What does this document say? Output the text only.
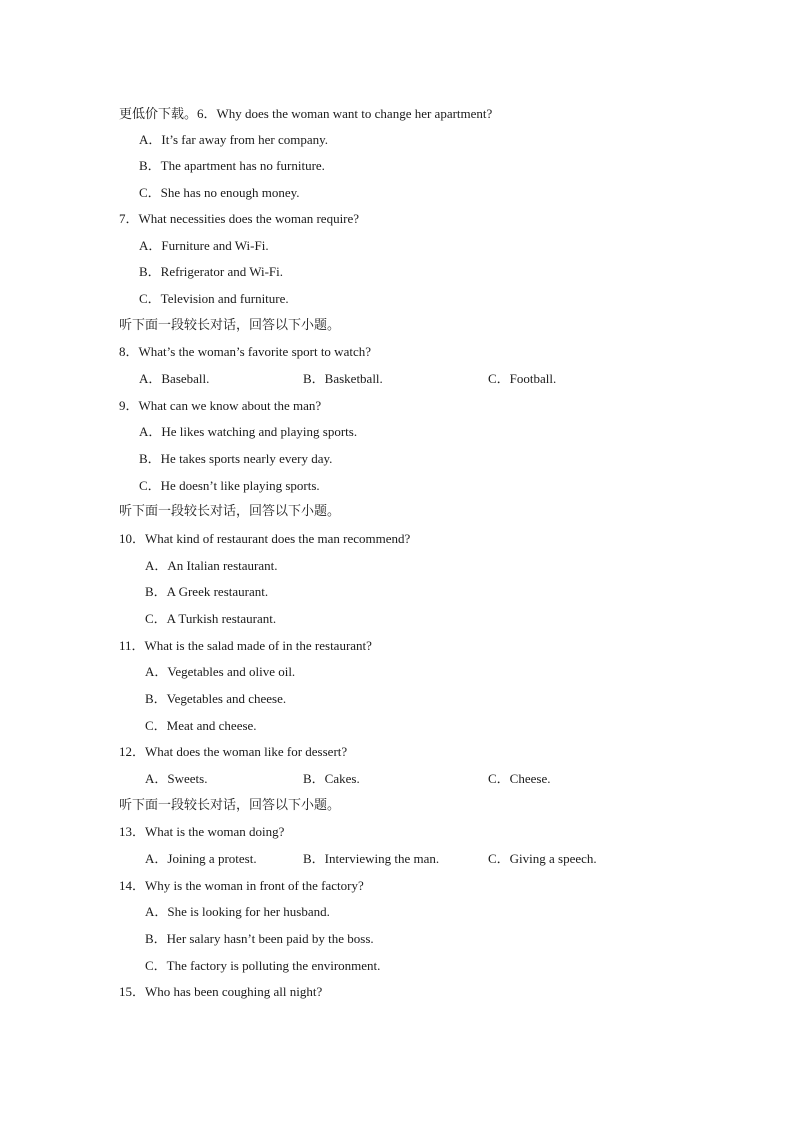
更低价下载。6．Why does the woman want to change her apartment?
A．It’s far away from her company.
B．The apartment has no furniture.
C．She has no enough money.
7．What necessities does the woman require?
A．Furniture and Wi-Fi.
B．Refrigerator and Wi-Fi.
C．Television and furniture.
听下面一段较长对话，回答以下小题。
8．What’s the woman’s favorite sport to watch?
A．Baseball.	B．Basketball.	C．Football.
9．What can we know about the man?
A．He likes watching and playing sports.
B．He takes sports nearly every day.
C．He doesn’t like playing sports.
听下面一段较长对话，回答以下小题。
10．What kind of restaurant does the man recommend?
A．An Italian restaurant.
B．A Greek restaurant.
C．A Turkish restaurant.
11．What is the salad made of in the restaurant?
A．Vegetables and olive oil.
B．Vegetables and cheese.
C．Meat and cheese.
12．What does the woman like for dessert?
A．Sweets.	B．Cakes.	C．Cheese.
听下面一段较长对话，回答以下小题。
13．What is the woman doing?
A．Joining a protest.	B．Interviewing the man.	C．Giving a speech.
14．Why is the woman in front of the factory?
A．She is looking for her husband.
B．Her salary hasn’t been paid by the boss.
C．The factory is polluting the environment.
15．Who has been coughing all night?
